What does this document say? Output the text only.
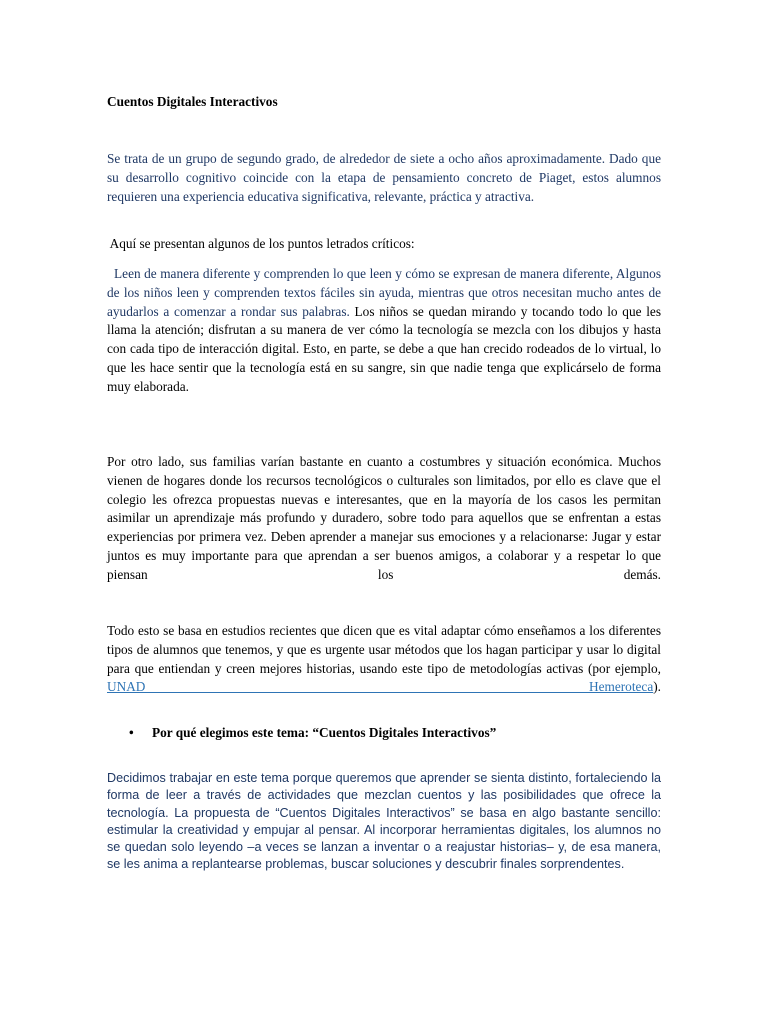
Cuentos Digitales Interactivos

Se trata de un grupo de segundo grado, de alrededor de siete a ocho años aproximadamente. Dado que su desarrollo cognitivo coincide con la etapa de pensamiento concreto de Piaget, estos alumnos requieren una experiencia educativa significativa, relevante, práctica y atractiva.

Aquí se presentan algunos de los puntos letrados críticos:

Leen de manera diferente y comprenden lo que leen y cómo se expresan de manera diferente, Algunos de los niños leen y comprenden textos fáciles sin ayuda, mientras que otros necesitan mucho antes de ayudarlos a comenzar a rondar sus palabras. Los niños se quedan mirando y tocando todo lo que les llama la atención; disfrutan a su manera de ver cómo la tecnología se mezcla con los dibujos y hasta con cada tipo de interacción digital. Esto, en parte, se debe a que han crecido rodeados de lo virtual, lo que les hace sentir que la tecnología está en su sangre, sin que nadie tenga que explicárselo de forma muy elaborada.

Por otro lado, sus familias varían bastante en cuanto a costumbres y situación económica. Muchos vienen de hogares donde los recursos tecnológicos o culturales son limitados, por ello es clave que el colegio les ofrezca propuestas nuevas e interesantes, que en la mayoría de los casos les permitan asimilar un aprendizaje más profundo y duradero, sobre todo para aquellos que se enfrentan a estas experiencias por primera vez. Deben aprender a manejar sus emociones y a relacionarse: Jugar y estar juntos es muy importante para que aprendan a ser buenos amigos, a colaborar y a respetar lo que piensan los demás.

Todo esto se basa en estudios recientes que dicen que es vital adaptar cómo enseñamos a los diferentes tipos de alumnos que tenemos, y que es urgente usar métodos que los hagan participar y usar lo digital para que entiendan y creen mejores historias, usando este tipo de metodologías activas (por ejemplo, UNAD Hemeroteca).

• Por qué elegimos este tema: “Cuentos Digitales Interactivos”

Decidimos trabajar en este tema porque queremos que aprender se sienta distinto, fortaleciendo la forma de leer a través de actividades que mezclan cuentos y las posibilidades que ofrece la tecnología. La propuesta de “Cuentos Digitales Interactivos” se basa en algo bastante sencillo: estimular la creatividad y empujar al pensar. Al incorporar herramientas digitales, los alumnos no se quedan solo leyendo –a veces se lanzan a inventar o a reajustar historias– y, de esa manera, se les anima a replantearse problemas, buscar soluciones y descubrir finales sorprendentes.
